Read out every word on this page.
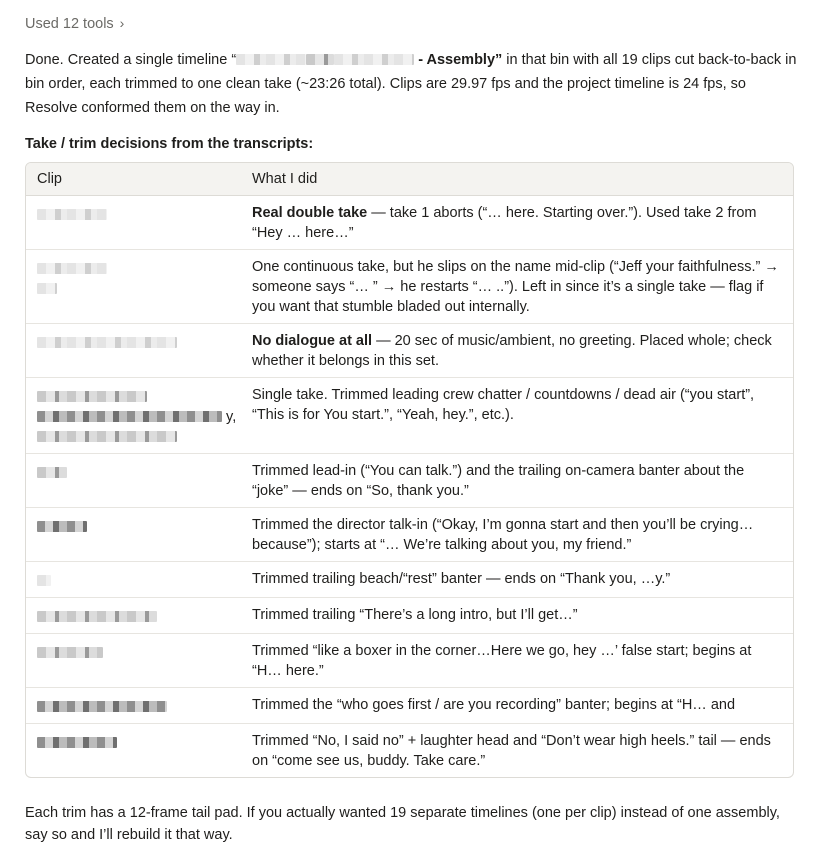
Used 12 tools ›

Done. Created a single timeline “	- Assembly” in that bin with all 19 clips cut back-to-back in bin order, each trimmed to one clean take (~23:26 total). Clips are 29.97 fps and the project timeline is 24 fps, so Resolve conformed them on the way in.

Take / trim decisions from the transcripts:
Clip	What I did
Real double take — take 1 aborts (“… here. Starting over.”). Used take 2 from “Hey … here…”

One continuous take, but he slips on the name mid-clip (“Jeff your faithfulness.” → someone says “… ” → he restarts “… ..”). Left in since it’s a single take — flag if you want that stumble bladed out internally.
No dialogue at all — 20 sec of music/ambient, no greeting. Placed whole; check whether it belongs in this set.

y,

Single take. Trimmed leading crew chatter / countdowns / dead air (“you start”, “This is for You start.”, “Yeah, hey.”, etc.).
Trimmed lead-in (“You can talk.”) and the trailing on-camera banter about the “joke” — ends on “So, thank you.”
Trimmed the director talk-in (“Okay, I’m gonna start and then you’ll be crying… because”); starts at “… We’re talking about you, my friend.”
Trimmed trailing beach/“rest” banter — ends on “Thank you, …y.”
Trimmed trailing “There’s a long intro, but I’ll get…”
Trimmed “like a boxer in the corner…Here we go, hey …’ false start; begins at “H… here.”
Trimmed the “who goes first / are you recording” banter; begins at “H… and
Trimmed “No, I said no” + laughter head and “Don’t wear high heels.” tail — ends on “come see us, buddy. Take care.”

Each trim has a 12-frame tail pad. If you actually wanted 19 separate timelines (one per clip) instead of one assembly, say so and I’ll rebuild it that way.
